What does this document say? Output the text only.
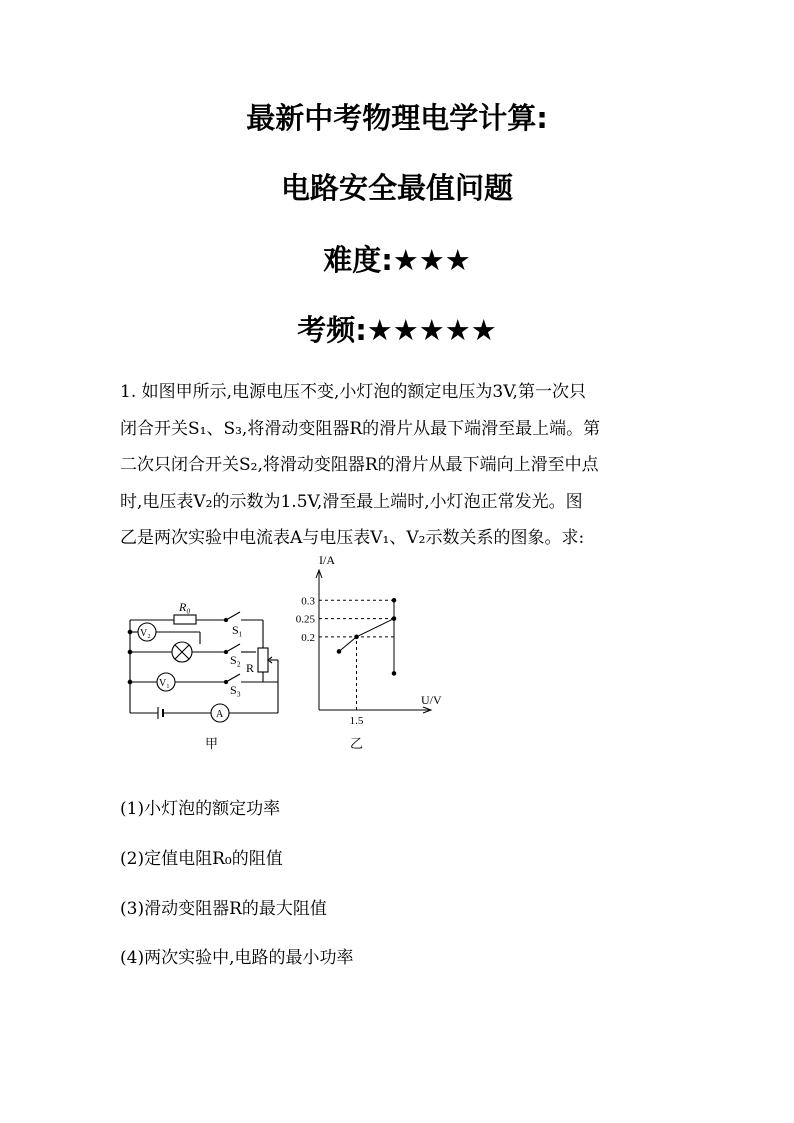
最新中考物理电学计算:
电路安全最值问题
难度:★★★
考频:★★★★★
1. 如图甲所示,电源电压不变,小灯泡的额定电压为3V,第一次只
闭合开关S₁、S₃,将滑动变阻器R的滑片从最下端滑至最上端。第
二次只闭合开关S₂,将滑动变阻器R的滑片从最下端向上滑至中点
时,电压表V₂的示数为1.5V,滑至最上端时,小灯泡正常发光。图
乙是两次实验中电流表A与电压表V₁、V₂示数关系的图象。求:
R₀
S₁
S₂
R
S₃
V₂
V₁
A
甲
I/A
U/V
0.3
0.25
0.2
1.5
乙
(1)小灯泡的额定功率
(2)定值电阻R₀的阻值
(3)滑动变阻器R的最大阻值
(4)两次实验中,电路的最小功率
